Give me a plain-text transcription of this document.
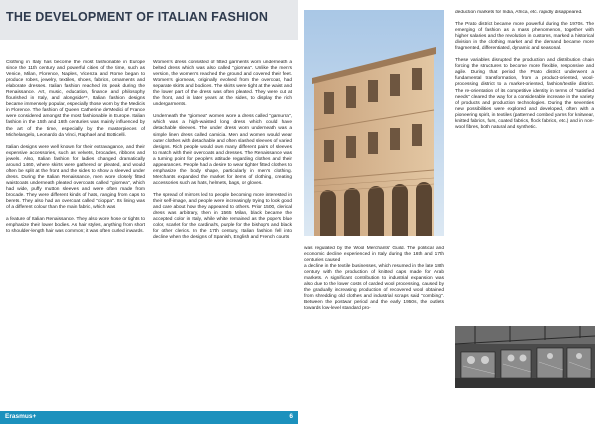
THE DEVELOPMENT OF ITALIAN FASHION

Clothing in Italy has become the most fashionable in Europe since the 11th century and powerful cities of the time, such as Venice, Milan, Florence, Naples, Vicenza and Rome began to produce robes, jewelry, textiles, shoes, fabrics, ornaments and elaborate dresses. Italian fashion reached its peak during the Renaissance. Art, music, education, finance and philosophy flourished in Italy, and alongside**, Italian fashion designs became immensely popular, especially those worn by the Medicis in Florence. The fashion of Queen Catherine de'Medici of France were considered amongst the most fashionable in Europe. Italian fashion in the 15th and 16th centuries was mainly influenced by the art of the time, especially by the masterpieces of Michelangelo, Leonardo da Vinci, Raphael and Botticelli.

Italian designs were well known for their extravagance, and their expensive accessories, such as velvets, brocades, ribbons and jewels. Also, Italian fashion for ladies changed dramatically around 1460, where skirts were gathered or pleated, and would often be split at the front and the sides to show a sleeved under dress. During the Italian Renaissance, men wore closely fitted waistcoats underneath pleated overcoats called "giornea", which had wide, puffy mutton sleeves and were often made from brocade. They were different kinds of hats, ranging from caps to berets. They also had an overcoat called "cioppa". Its lining was of a different colour than the main fabric, which was

a feature of Italian Renaissance. They also wore hose or tights to emphasize their lower bodies. As hair styles, anything from short to shoulder-length hair was common; it was often curled inwards.

Women's dress consisted of fitted garments worn underneath a belted dress which was also called "giornea". Unlike the men's version, the women's reached the ground and covered their feet. Women's giorneas, originally evolved from the overcoat, had separate skirts and bodices. The skirts were tight at the waist and the lower part of the dress was often pleated. They were cut at the front, and in later years at the sides, to display the rich undergarments.

Underneath the "giornea" women wore a dress called "gamurra", which was a high-waisted long dress which could have detachable sleeves. The under dress worn underneath was a simple linen dress called camicia. Men and women would wear outer clothes with detachable and often slashed sleeves of varied designs. Rich people would own many different pairs of sleeves to match with their overcoats and dresses. The Renaissance was a turning point for people's attitude regarding clothes and their appearances. People had a desire to wear tighter fitted clothes to emphasize the body shape, particularly in men's clothing. Merchants expanded the market for items of clothing, creating accessories such as hats, helmets, bags, or gloves.

The spread of mirrors led to people becoming more interested in their self-image, and people were increasingly trying to look good and care about how they appeared to others. Prior 1500, clerical dress was arbitrary, then in 1565 Milan, black became the accepted color in Italy, while white remained as the pope's blue color, scarlet for the cardinal's, purple for the bishop's and black for other clerics. In the 17th century, Italian fashion fell into decline when the designs of Spanish, English and French courts

was regulated by the Wool Merchants' Guild. The political and economic decline experienced in Italy during the 16th and 17th centuries caused

a decline in the textile businesses, which resumed in the late 18th century with the production of knitted caps made for Arab markets. A significant contribution to industrial expansion was also due to the lower costs of carded wool processing, caused by the gradually increasing production of recovered wool obtained from shredding old clothes and industrial scraps said "combing". Between the postwar period and the early 1950s, the outlets towards low-level standard pro-

deduction markets for India, Africa, etc. rapidly disappeared.

The Prato district became more powerful during the 1970s. The emerging of fashion as a mass phenomenon, together with higher salaries and the revolution in customs, marked a historical division in the clothing market and the demand became more fragmented, differentiated, dynamic and seasonal.

These variables disrupted the production and distribution chain forcing the structures to become more flexible, responsive and agile. During that period the Prato district underwent a fundamental transformation, from a product-oriented, wool-processing district to a market-oriented, fashion/textile district. The re-orientation of its competitive identity in terms of "satisfied needs" cleared the way for a considerable increase in the variety of products and production technologies. During the seventies new possibilities were explored and developed, often with a pioneering spirit, in textiles (patterned combed yarns for knitwear, knitted fabrics, furs, coated fabrics, flock fabrics, etc.) and in non-wool fibres, both natural and synthetic.

Erasmus+	6
